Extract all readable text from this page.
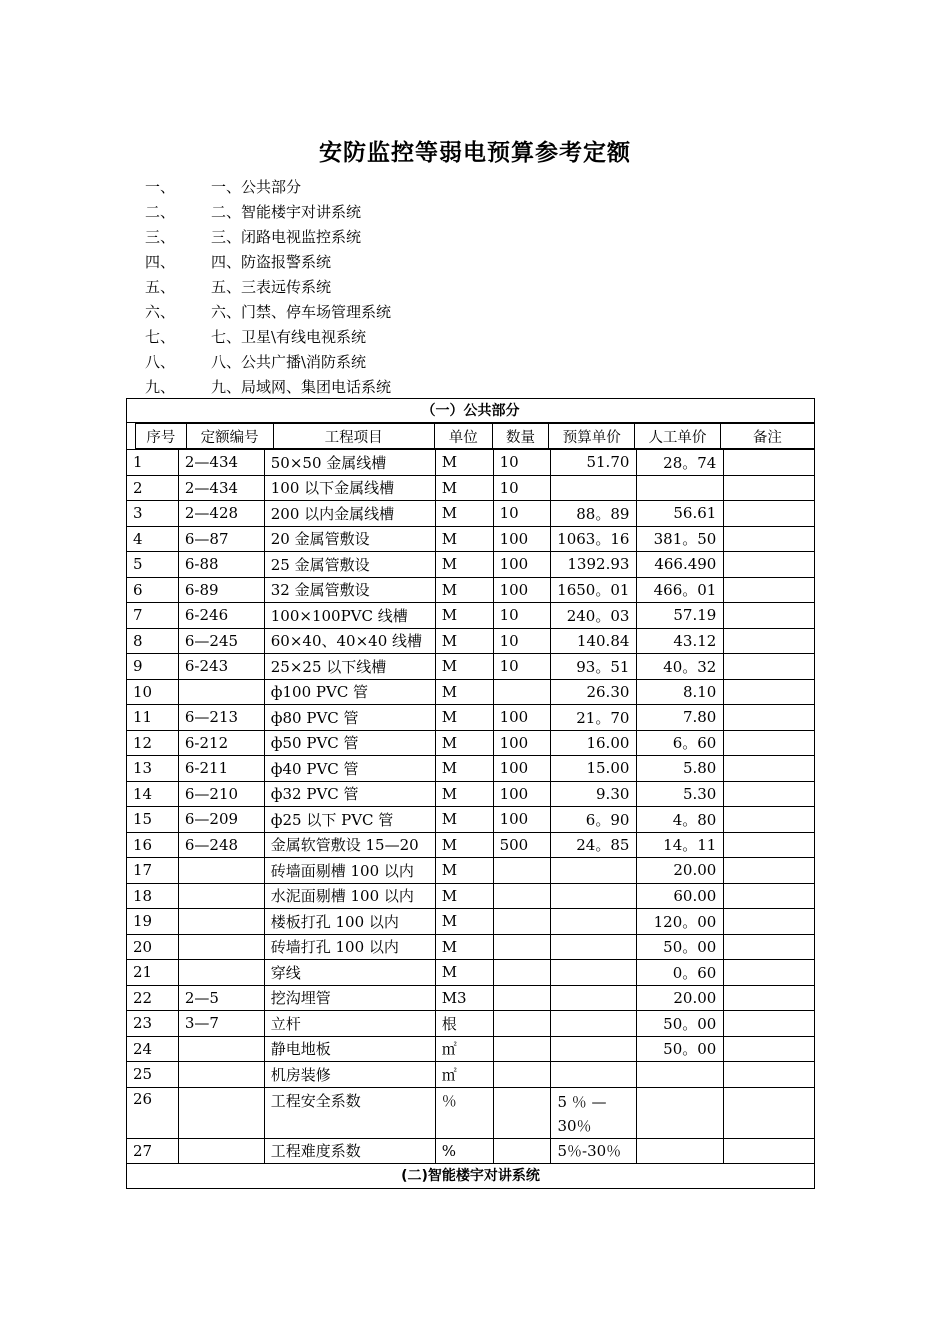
安防监控等弱电预算参考定额
一、 一、公共部分
二、 二、智能楼宇对讲系统
三、 三、闭路电视监控系统
四、 四、防盗报警系统
五、 五、三表远传系统
六、 六、门禁、停车场管理系统
七、 七、卫星\有线电视系统
八、 八、公共广播\消防系统
九、 九、局域网、集团电话系统
（一）公共部分
序号	定额编号	工程项目	单位	数量	预算单价	人工单价	备注
1	2—434	50×50 金属线槽	M	10	51.70	28。74	
2	2—434	100 以下金属线槽	M	10			
3	2—428	200 以内金属线槽	M	10	88。89	56.61	
4	6—87	20 金属管敷设	M	100	1063。16	381。50	
5	6-88	25 金属管敷设	M	100	1392.93	466.490	
6	6-89	32 金属管敷设	M	100	1650。01	466。01	
7	6-246	100×100PVC 线槽	M	10	240。03	57.19	
8	6—245	60×40、40×40 线槽	M	10	140.84	43.12	
9	6-243	25×25 以下线槽	M	10	93。51	40。32	
10		ф100 PVC 管	M		26.30	8.10	
11	6—213	ф80 PVC 管	M	100	21。70	7.80	
12	6-212	ф50 PVC 管	M	100	16.00	6。60	
13	6-211	ф40 PVC 管	M	100	15.00	5.80	
14	6—210	ф32 PVC 管	M	100	9.30	5.30	
15	6—209	ф25 以下 PVC 管	M	100	6。90	4。80	
16	6—248	金属软管敷设 15—20	M	500	24。85	14。11	
17		砖墙面剔槽 100 以内	M			20.00	
18		水泥面剔槽 100 以内	M			60.00	
19		楼板打孔 100 以内	M			120。00	
20		砖墙打孔 100 以内	M			50。00	
21		穿线	M			0。60	
22	2—5	挖沟埋管	M3			20.00	
23	3—7	立杆	根			50。00	
24		静电地板	㎡			50。00	
25		机房装修	㎡				
26		工程安全系数	％		5 ％ —30％		
27		工程难度系数	%		5％-30％		
(二)智能楼宇对讲系统
